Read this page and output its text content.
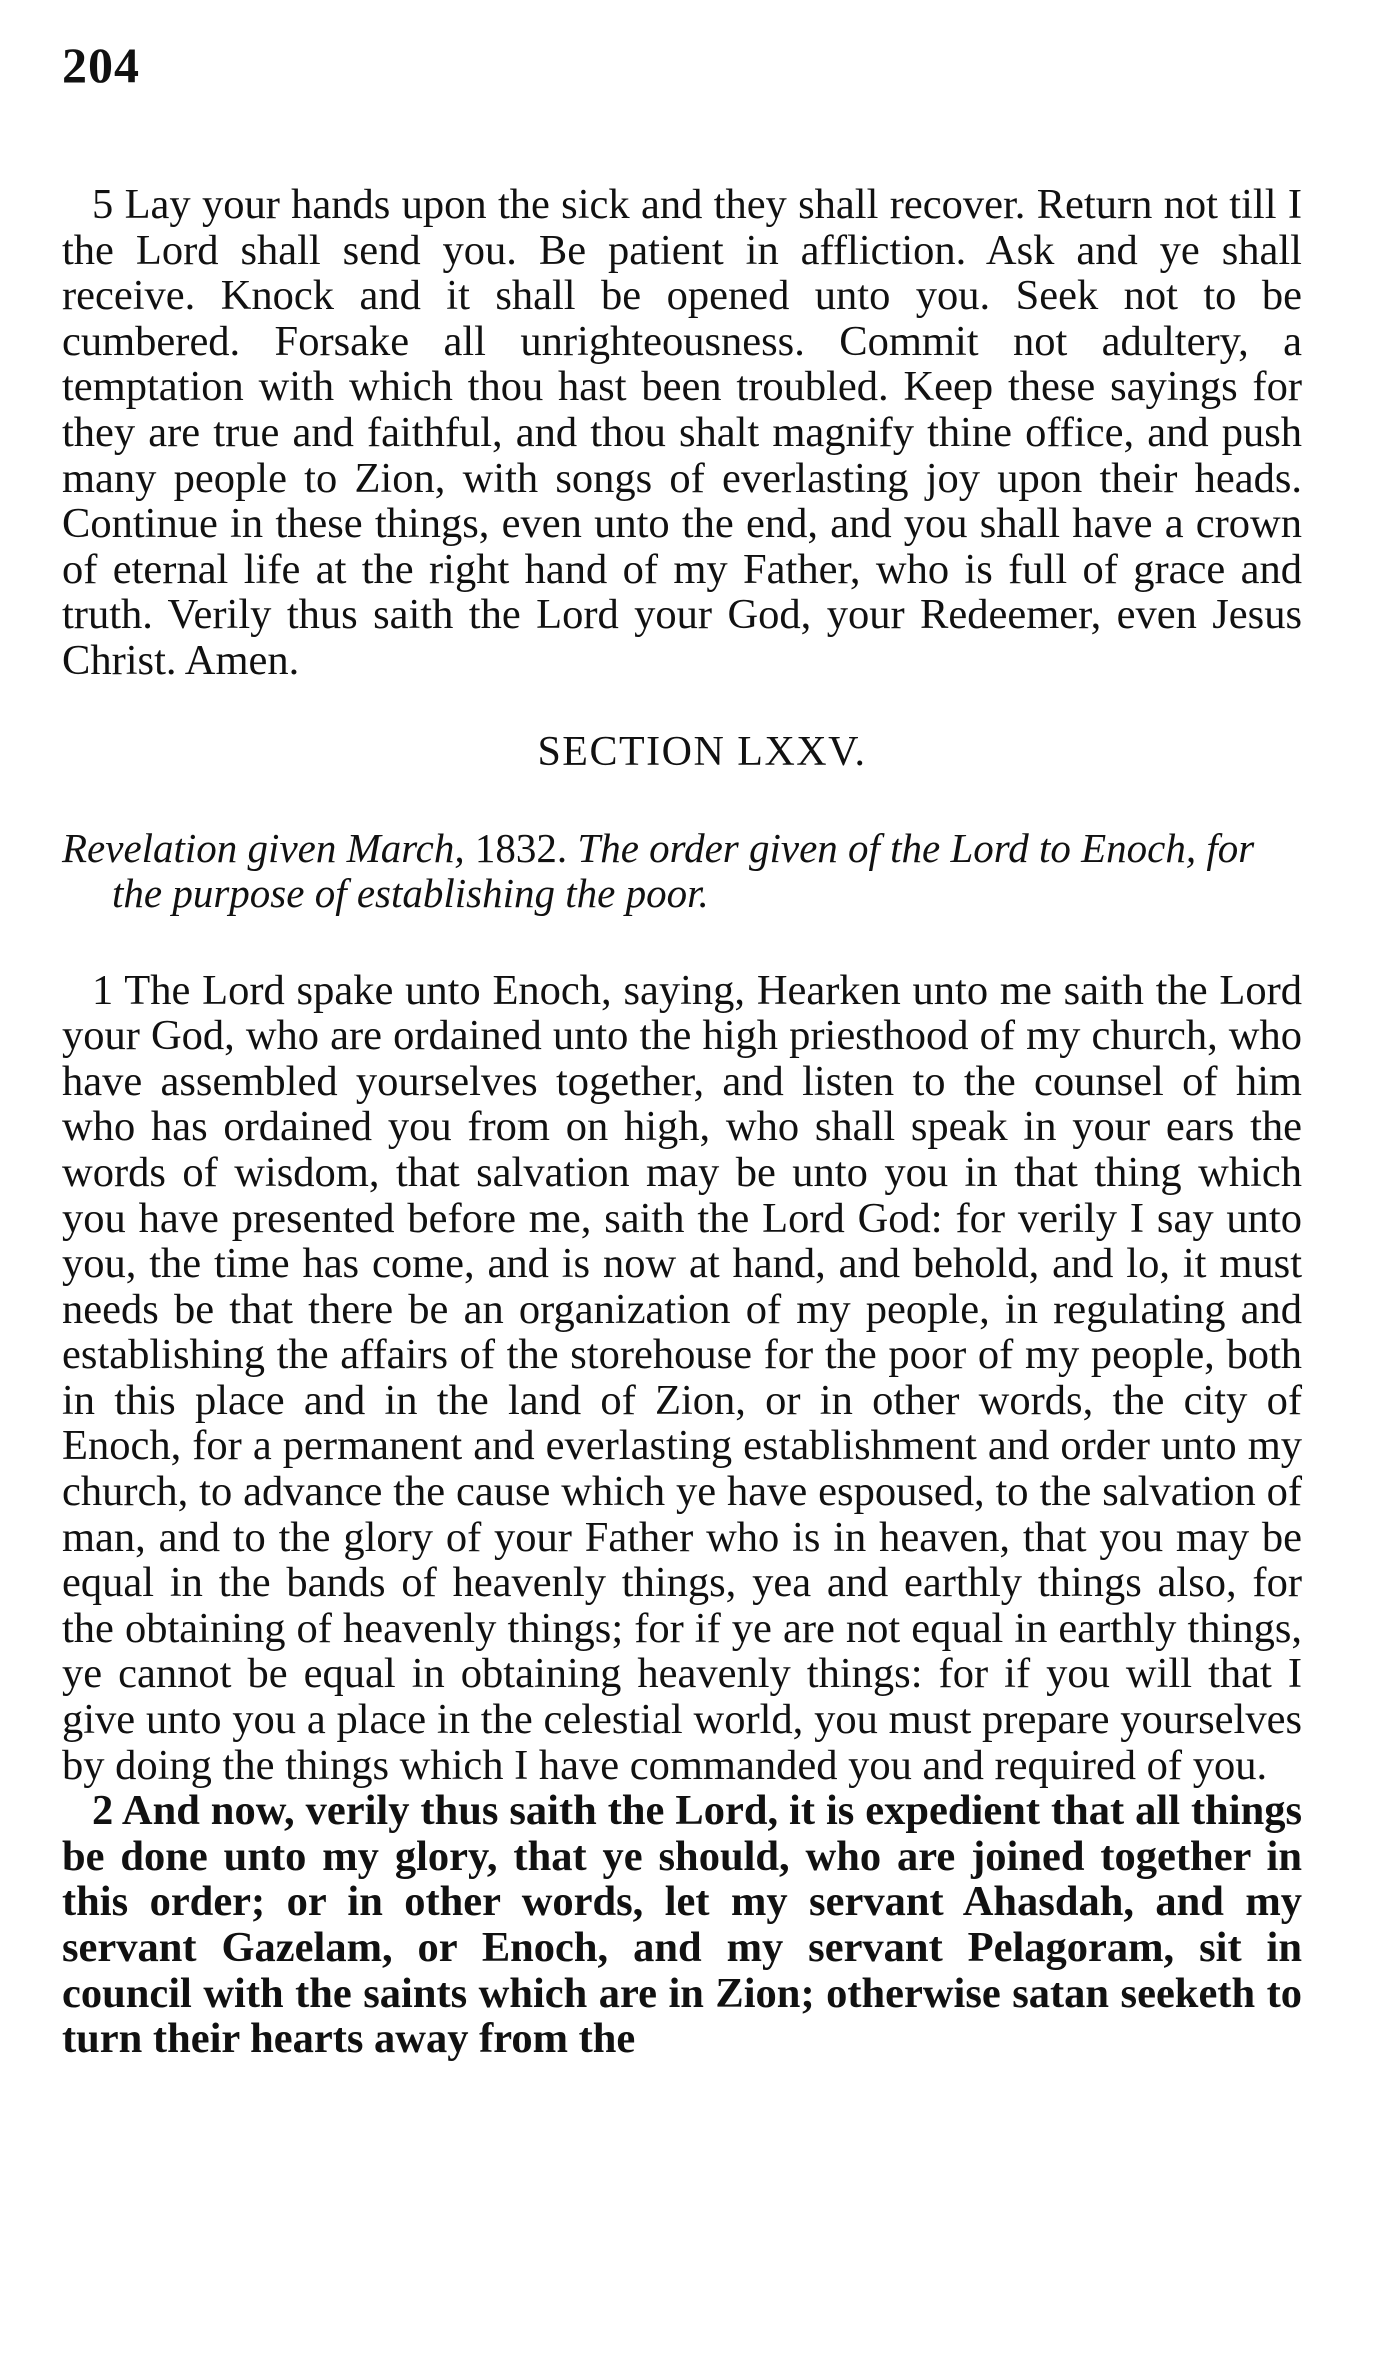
204

5 Lay your hands upon the sick and they shall recover. Return not till I the Lord shall send you. Be patient in affliction. Ask and ye shall receive. Knock and it shall be opened unto you. Seek not to be cumbered. Forsake all unrighteousness. Commit not adultery, a temptation with which thou hast been troubled. Keep these sayings for they are true and faithful, and thou shalt magnify thine office, and push many people to Zion, with songs of everlasting joy upon their heads. Continue in these things, even unto the end, and you shall have a crown of eternal life at the right hand of my Father, who is full of grace and truth. Verily thus saith the Lord your God, your Redeemer, even Jesus Christ. Amen.

SECTION LXXV.

Revelation given March, 1832. The order given of the Lord to Enoch, for the purpose of establishing the poor.

1 The Lord spake unto Enoch, saying, Hearken unto me saith the Lord your God, who are ordained unto the high priesthood of my church, who have assembled yourselves together, and listen to the counsel of him who has ordained you from on high, who shall speak in your ears the words of wisdom, that salvation may be unto you in that thing which you have presented before me, saith the Lord God: for verily I say unto you, the time has come, and is now at hand, and behold, and lo, it must needs be that there be an organization of my people, in regulating and establishing the affairs of the storehouse for the poor of my people, both in this place and in the land of Zion, or in other words, the city of Enoch, for a permanent and everlasting establishment and order unto my church, to advance the cause which ye have espoused, to the salvation of man, and to the glory of your Father who is in heaven, that you may be equal in the bands of heavenly things, yea and earthly things also, for the obtaining of heavenly things; for if ye are not equal in earthly things, ye cannot be equal in obtaining heavenly things: for if you will that I give unto you a place in the celestial world, you must prepare yourselves by doing the things which I have commanded you and required of you.

2 And now, verily thus saith the Lord, it is expedient that all things be done unto my glory, that ye should, who are joined together in this order; or in other words, let my servant Ahasdah, and my servant Gazelam, or Enoch, and my servant Pelagoram, sit in council with the saints which are in Zion; otherwise satan seeketh to turn their hearts away from the
